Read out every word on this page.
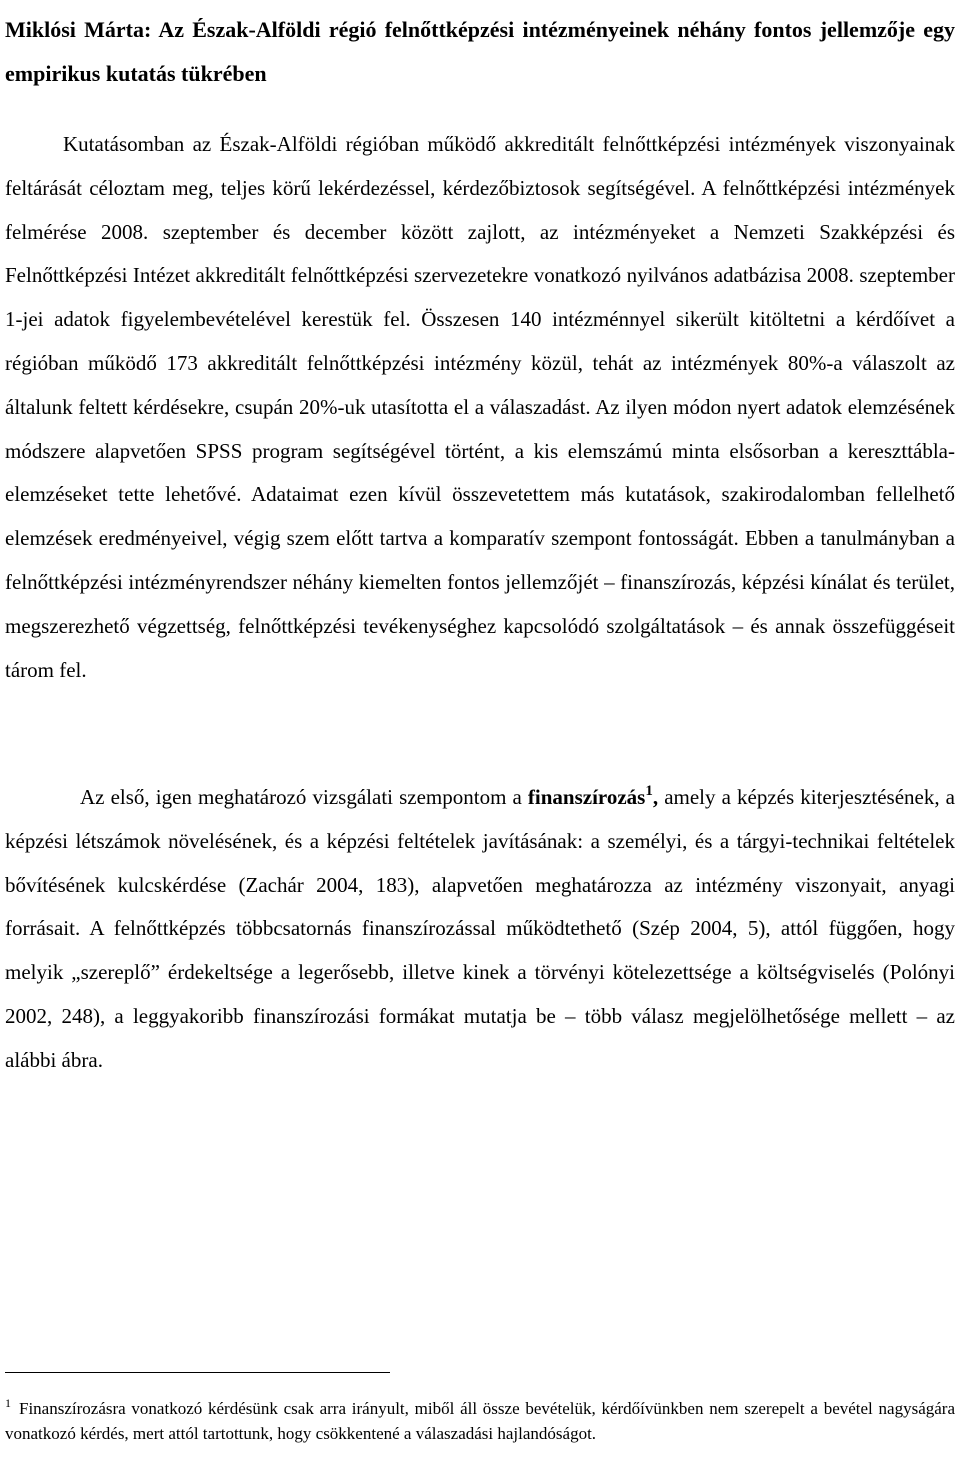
Miklósi Márta: Az Észak-Alföldi régió felnőttképzési intézményeinek néhány fontos jellemzője egy empirikus kutatás tükrében

Kutatásomban az Észak-Alföldi régióban működő akkreditált felnőttképzési intézmények viszonyainak feltárását céloztam meg, teljes körű lekérdezéssel, kérdezőbiztosok segítségével. A felnőttképzési intézmények felmérése 2008. szeptember és december között zajlott, az intézményeket a Nemzeti Szakképzési és Felnőttképzési Intézet akkreditált felnőttképzési szervezetekre vonatkozó nyilvános adatbázisa 2008. szeptember 1-jei adatok figyelembevételével kerestük fel. Összesen 140 intézménnyel sikerült kitöltetni a kérdőívet a régióban működő 173 akkreditált felnőttképzési intézmény közül, tehát az intézmények 80%-a válaszolt az általunk feltett kérdésekre, csupán 20%-uk utasította el a válaszadást. Az ilyen módon nyert adatok elemzésének módszere alapvetően SPSS program segítségével történt, a kis elemszámú minta elsősorban a kereszttábla-elemzéseket tette lehetővé. Adataimat ezen kívül összevetettem más kutatások, szakirodalomban fellelhető elemzések eredményeivel, végig szem előtt tartva a komparatív szempont fontosságát. Ebben a tanulmányban a felnőttképzési intézményrendszer néhány kiemelten fontos jellemzőjét – finanszírozás, képzési kínálat és terület, megszerezhető végzettség, felnőttképzési tevékenységhez kapcsolódó szolgáltatások – és annak összefüggéseit tárom fel.

Az első, igen meghatározó vizsgálati szempontom a finanszírozás$^1$, amely a képzés kiterjesztésének, a képzési létszámok növelésének, és a képzési feltételek javításának: a személyi, és a tárgyi-technikai feltételek bővítésének kulcskérdése (Zachár 2004, 183), alapvetően meghatározza az intézmény viszonyait, anyagi forrásait. A felnőttképzés többcsatornás finanszírozással működtethető (Szép 2004, 5), attól függően, hogy melyik „szereplő” érdekeltsége a legerősebb, illetve kinek a törvényi kötelezettsége a költségviselés (Polónyi 2002, 248), a leggyakoribb finanszírozási formákat mutatja be – több válasz megjelölhetősége mellett – az alábbi ábra.

$^1$ Finanszírozásra vonatkozó kérdésünk csak arra irányult, miből áll össze bevételük, kérdőívünkben nem szerepelt a bevétel nagyságára vonatkozó kérdés, mert attól tartottunk, hogy csökkentené a válaszadási hajlandóságot.
